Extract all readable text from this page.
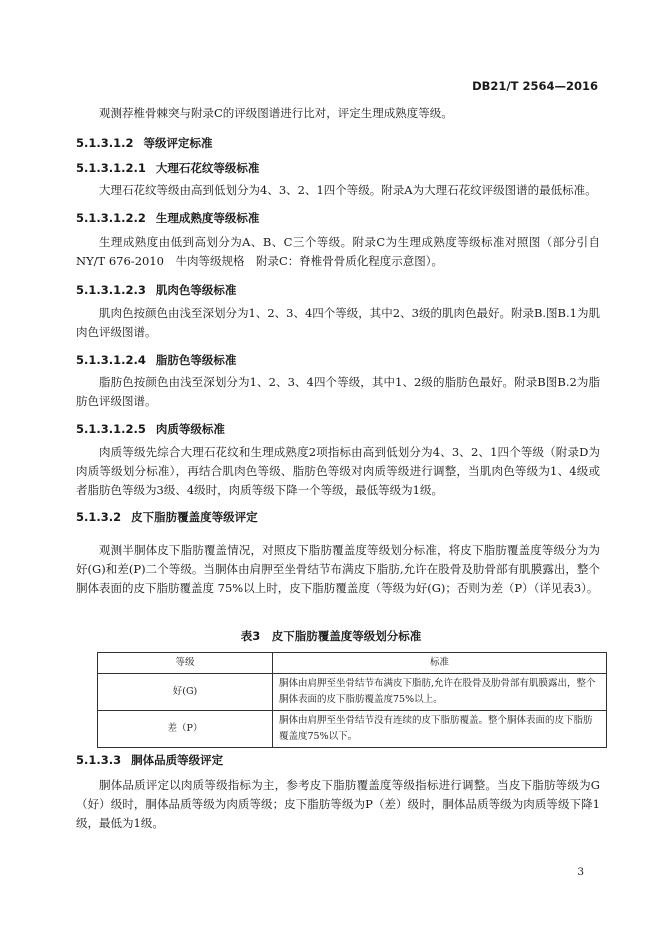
DB21/T 2564—2016

观测荐椎骨棘突与附录C的评级图谱进行比对，评定生理成熟度等级。

5.1.3.1.2 等级评定标准

5.1.3.1.2.1 大理石花纹等级标准

大理石花纹等级由高到低划分为4、3、2、1四个等级。附录A为大理石花纹评级图谱的最低标准。

5.1.3.1.2.2 生理成熟度等级标准

生理成熟度由低到高划分为A、B、C三个等级。附录C为生理成熟度等级标准对照图（部分引自NY/T 676-2010　牛肉等级规格　附录C：脊椎骨骨质化程度示意图）。

5.1.3.1.2.3 肌肉色等级标准

肌肉色按颜色由浅至深划分为1、2、3、4四个等级，其中2、3级的肌肉色最好。附录B.图B.1为肌肉色评级图谱。

5.1.3.1.2.4 脂肪色等级标准

脂肪色按颜色由浅至深划分为1、2、3、4四个等级，其中1、2级的脂肪色最好。附录B图B.2为脂肪色评级图谱。

5.1.3.1.2.5 肉质等级标准

肉质等级先综合大理石花纹和生理成熟度2项指标由高到低划分为4、3、2、1四个等级（附录D为肉质等级划分标准），再结合肌肉色等级、脂肪色等级对肉质等级进行调整，当肌肉色等级为1、4级或者脂肪色等级为3级、4级时，肉质等级下降一个等级，最低等级为1级。

5.1.3.2 皮下脂肪覆盖度等级评定

观测半胴体皮下脂肪覆盖情况，对照皮下脂肪覆盖度等级划分标准，将皮下脂肪覆盖度等级分为为好(G)和差(P)二个等级。当胴体由肩胛至坐骨结节布满皮下脂肪,允许在股骨及肋骨部有肌膜露出，整个胴体表面的皮下脂肪覆盖度 75%以上时，皮下脂肪覆盖度（等级为好(G)；否则为差（P）（详见表3）。

表3　皮下脂肪覆盖度等级划分标准
等级	标准
好(G)	胴体由肩胛至坐骨结节布满皮下脂肪,允许在股骨及肋骨部有肌膜露出，整个胴体表面的皮下脂肪覆盖度75%以上。
差（P）	胴体由肩胛至坐骨结节没有连续的皮下脂肪覆盖。整个胴体表面的皮下脂肪覆盖度75%以下。

5.1.3.3 胴体品质等级评定

胴体品质评定以肉质等级指标为主，参考皮下脂肪覆盖度等级指标进行调整。当皮下脂肪等级为G（好）级时，胴体品质等级为肉质等级；皮下脂肪等级为P（差）级时，胴体品质等级为肉质等级下降1级，最低为1级。

3
